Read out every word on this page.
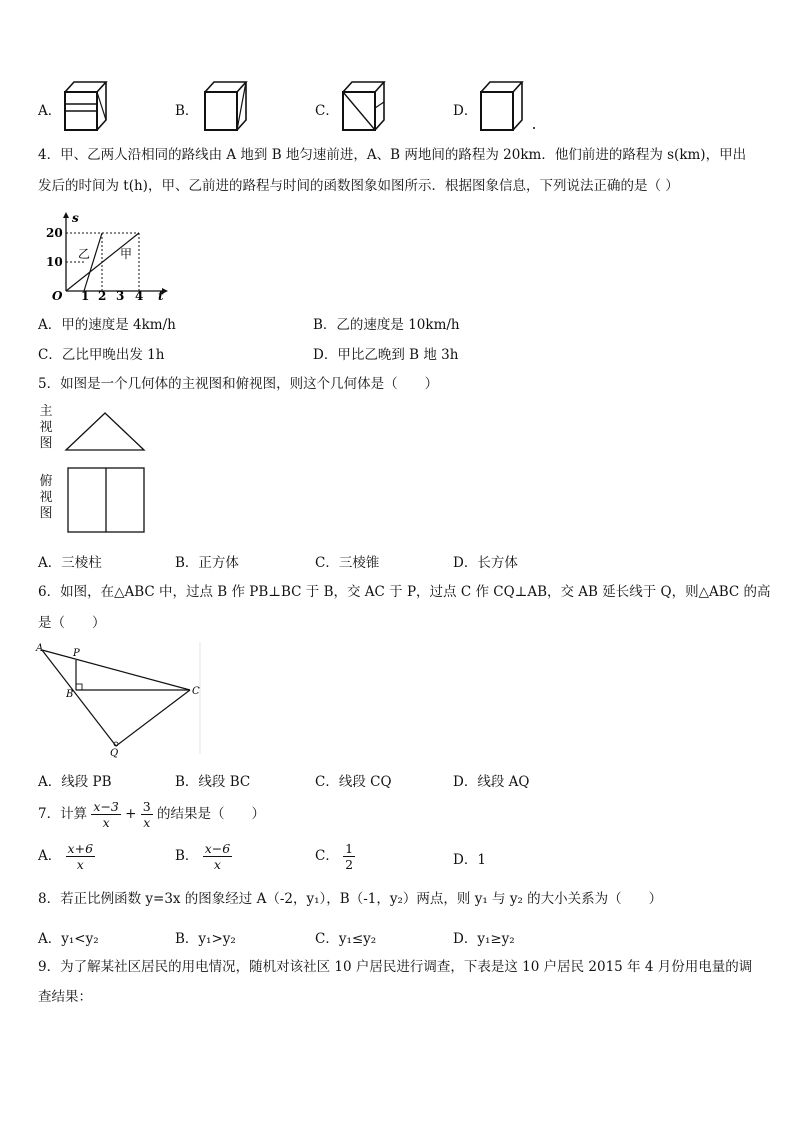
A．	B．	C．	D．
4．甲、乙两人沿相同的路线由 A 地到 B 地匀速前进，A、B 两地间的路程为 20km．他们前进的路程为 s(km)，甲出
发后的时间为 t(h)，甲、乙前进的路程与时间的函数图象如图所示．根据图象信息，下列说法正确的是（ ）
s
t
O
20
10
1 2 3 4
乙 甲
A．甲的速度是 4km/h	B．乙的速度是 10km/h
C．乙比甲晚出发 1h	D．甲比乙晚到 B 地 3h
5．如图是一个几何体的主视图和俯视图，则这个几何体是（　　）
主
视
图
俯
视
图
A．三棱柱	B．正方体	C．三棱锥	D．长方体
6．如图，在△ABC 中，过点 B 作 PB⊥BC 于 B，交 AC 于 P，过点 C 作 CQ⊥AB，交 AB 延长线于 Q，则△ABC 的高
是（　　）
A	P
B	C
Q
A．线段 PB	B．线段 BC	C．线段 CQ	D．线段 AQ
7．计算 $\frac{x-3}{x} + \frac{3}{x}$ 的结果是（　　）
A． $\frac{x+6}{x}$	B． $\frac{x-6}{x}$	C． $\frac{1}{2}$	D．1
8．若正比例函数 y=3x 的图象经过 A（-2，y₁），B（-1，y₂）两点，则 y₁ 与 y₂ 的大小关系为（　　）
A．y₁<y₂	B．y₁>y₂	C．y₁≤y₂	D．y₁≥y₂
9．为了解某社区居民的用电情况，随机对该社区 10 户居民进行调查，下表是这 10 户居民 2015 年 4 月份用电量的调
查结果：
